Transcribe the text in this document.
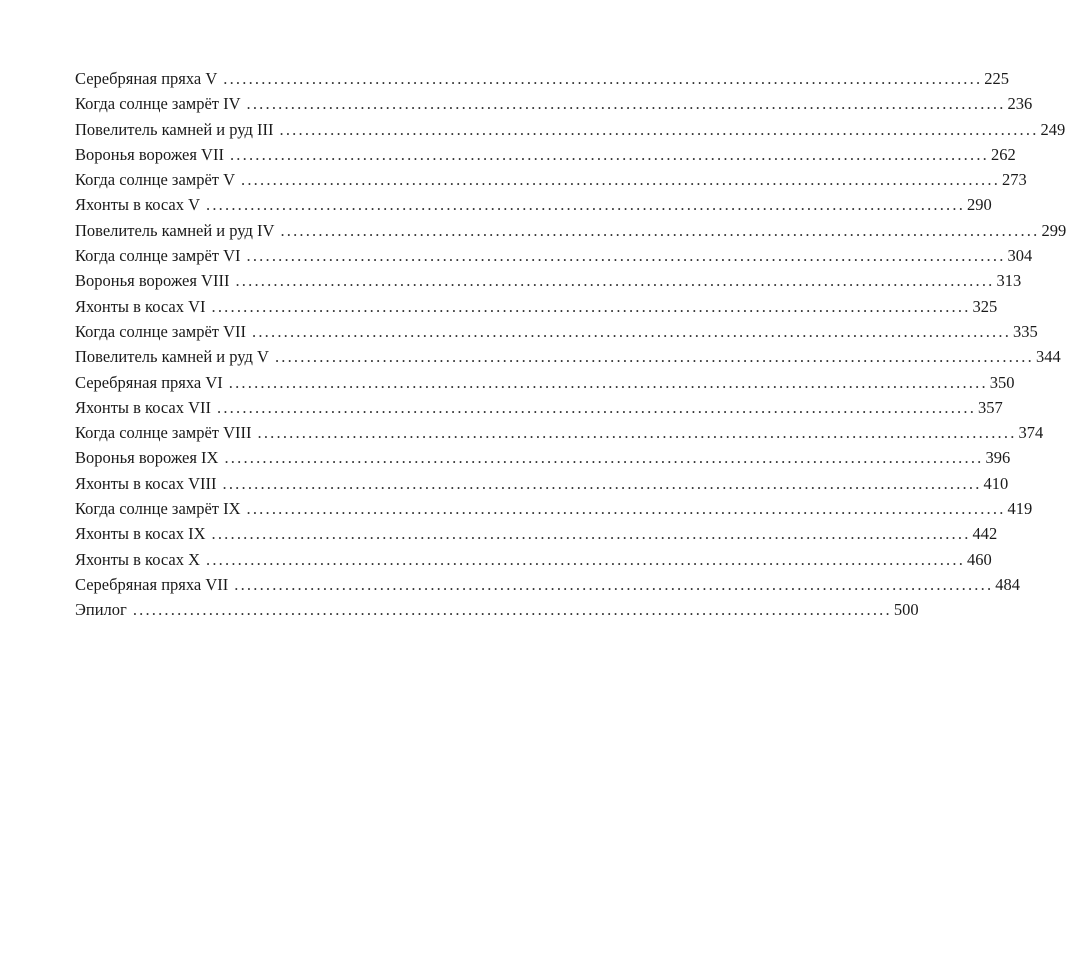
Серебряная пряха V ........................................................................................................................ 225
Когда солнце замрёт IV ........................................................................................................................ 236
Повелитель камней и руд III ........................................................................................................................ 249
Воронья ворожея VII ........................................................................................................................ 262
Когда солнце замрёт V ........................................................................................................................ 273
Яхонты в косах V ........................................................................................................................ 290
Повелитель камней и руд IV ........................................................................................................................ 299
Когда солнце замрёт VI ........................................................................................................................ 304
Воронья ворожея VIII ........................................................................................................................ 313
Яхонты в косах VI ........................................................................................................................ 325
Когда солнце замрёт VII ........................................................................................................................ 335
Повелитель камней и руд V ........................................................................................................................ 344
Серебряная пряха VI ........................................................................................................................ 350
Яхонты в косах VII ........................................................................................................................ 357
Когда солнце замрёт VIII ........................................................................................................................ 374
Воронья ворожея IX ........................................................................................................................ 396
Яхонты в косах VIII ........................................................................................................................ 410
Когда солнце замрёт IX ........................................................................................................................ 419
Яхонты в косах IX ........................................................................................................................ 442
Яхонты в косах X ........................................................................................................................ 460
Серебряная пряха VII ........................................................................................................................ 484
Эпилог ........................................................................................................................ 500
